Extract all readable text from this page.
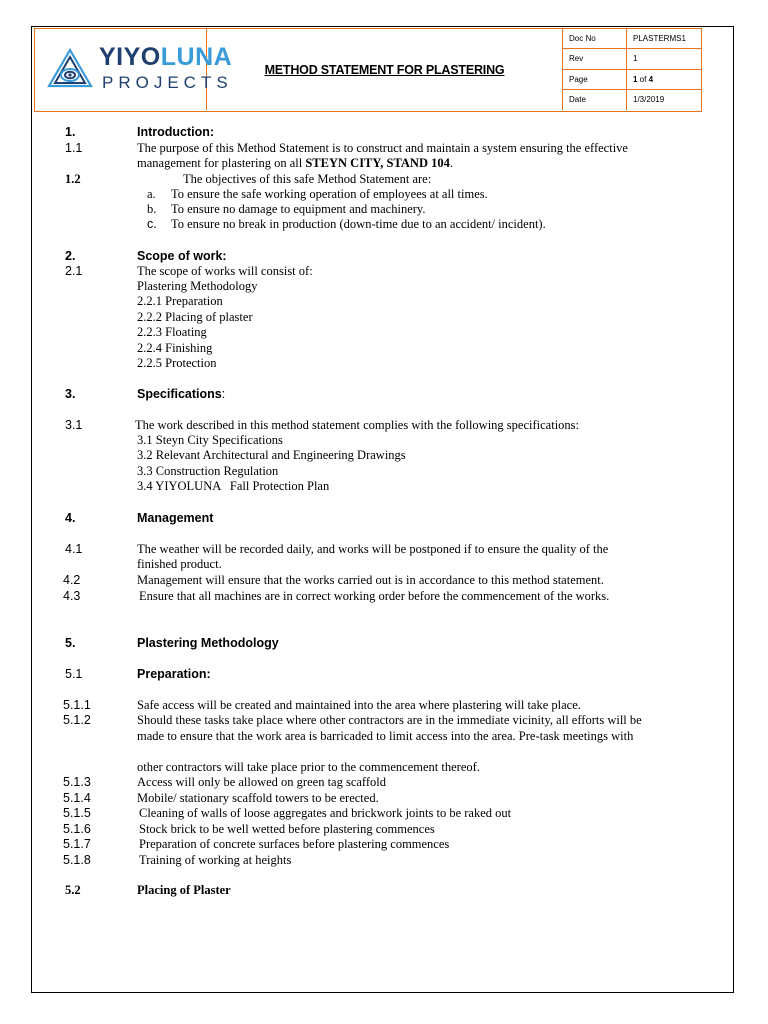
YIYOLUNA
PROJECTS
METHOD STATEMENT FOR PLASTERING
Doc No	PLASTERMS1
Rev	1
Page	1 of 4
Date	1/3/2019
1.	Introduction:
1.1	The purpose of this Method Statement is to construct and maintain a system ensuring the effective
management for plastering on all STEYN CITY, STAND 104.
1.2	The objectives of this safe Method Statement are:
a. To ensure the safe working operation of employees at all times.
b. To ensure no damage to equipment and machinery.
c. To ensure no break in production (down-time due to an accident/ incident).
2.	Scope of work:
2.1	The scope of works will consist of:
Plastering Methodology
2.2.1 Preparation
2.2.2 Placing of plaster
2.2.3 Floating
2.2.4 Finishing
2.2.5 Protection
3.	Specifications:
3.1	The work described in this method statement complies with the following specifications:
3.1 Steyn City Specifications
3.2 Relevant Architectural and Engineering Drawings
3.3 Construction Regulation
3.4 YIYOLUNA   Fall Protection Plan
4.	Management
4.1	The weather will be recorded daily, and works will be postponed if to ensure the quality of the
finished product.
4.2	Management will ensure that the works carried out is in accordance to this method statement.
4.3	Ensure that all machines are in correct working order before the commencement of the works.
5.	Plastering Methodology
5.1	Preparation:
5.1.1	Safe access will be created and maintained into the area where plastering will take place.
5.1.2	Should these tasks take place where other contractors are in the immediate vicinity, all efforts will be
made to ensure that the work area is barricaded to limit access into the area. Pre-task meetings with
other contractors will take place prior to the commencement thereof.
5.1.3	Access will only be allowed on green tag scaffold
5.1.4	Mobile/ stationary scaffold towers to be erected.
5.1.5	Cleaning of walls of loose aggregates and brickwork joints to be raked out
5.1.6	Stock brick to be well wetted before plastering commences
5.1.7	Preparation of concrete surfaces before plastering commences
5.1.8	Training of working at heights
5.2	Placing of Plaster
